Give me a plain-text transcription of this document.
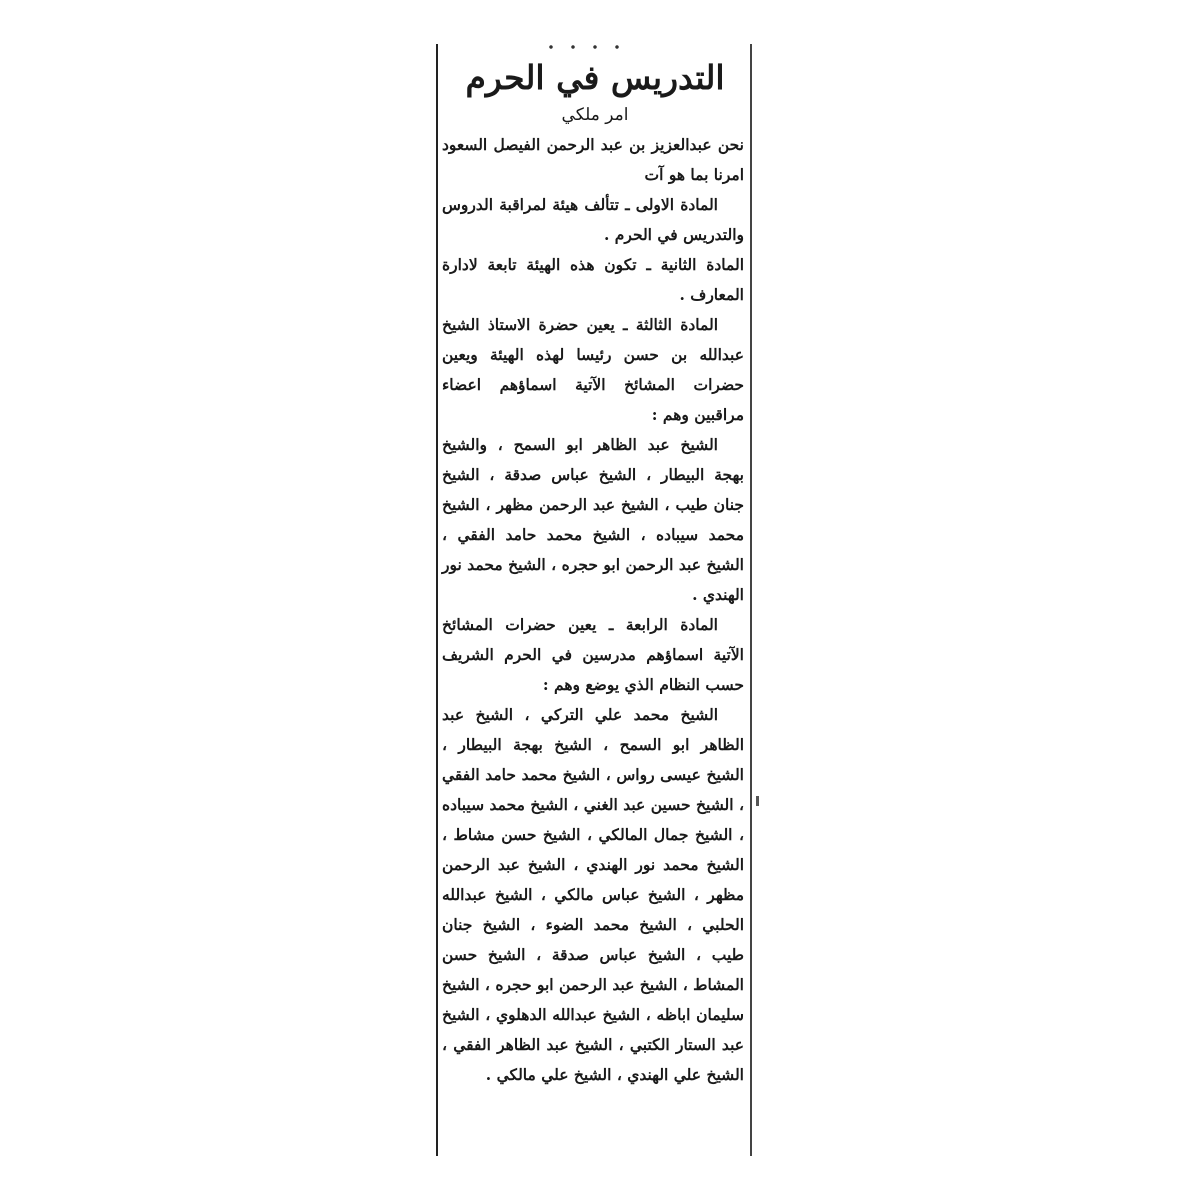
التدريس في الحرم
امر ملكي

نحن عبدالعزيز بن عبد الرحمن الفيصل السعود امرنا بما هو آت

المادة الاولى ـ تتألف هيئة لمراقبة الدروس والتدريس في الحرم .

المادة الثانية ـ تكون هذه الهيئة تابعة لادارة المعارف .

المادة الثالثة ـ يعين حضرة الاستاذ الشيخ عبدالله بن حسن رئيسا لهذه الهيئة ويعين حضرات المشائخ الآتية اسماؤهم اعضاء مراقبين وهم :

الشيخ عبد الظاهر ابو السمح ، والشيخ بهجة البيطار ، الشيخ عباس صدقة ، الشيخ جنان طيب ، الشيخ عبد الرحمن مظهر ، الشيخ محمد سيباده ، الشيخ محمد حامد الفقي ، الشيخ عبد الرحمن ابو حجره ، الشيخ محمد نور الهندي .

المادة الرابعة ـ يعين حضرات المشائخ الآتية اسماؤهم مدرسين في الحرم الشريف حسب النظام الذي يوضع وهم :

الشيخ محمد علي التركي ، الشيخ عبد الظاهر ابو السمح ، الشيخ بهجة البيطار ، الشيخ عيسى رواس ، الشيخ محمد حامد الفقي ، الشيخ حسين عبد الغني ، الشيخ محمد سيباده ، الشيخ جمال المالكي ، الشيخ حسن مشاط ، الشيخ محمد نور الهندي ، الشيخ عبد الرحمن مظهر ، الشيخ عباس مالكي ، الشيخ عبدالله الحلبي ، الشيخ محمد الضوء ، الشيخ جنان طيب ، الشيخ عباس صدقة ، الشيخ حسن المشاط ، الشيخ عبد الرحمن ابو حجره ، الشيخ سليمان اباظه ، الشيخ عبدالله الدهلوي ، الشيخ عبد الستار الكتبي ، الشيخ عبد الظاهر الفقي ، الشيخ علي الهندي ، الشيخ علي مالكي .
